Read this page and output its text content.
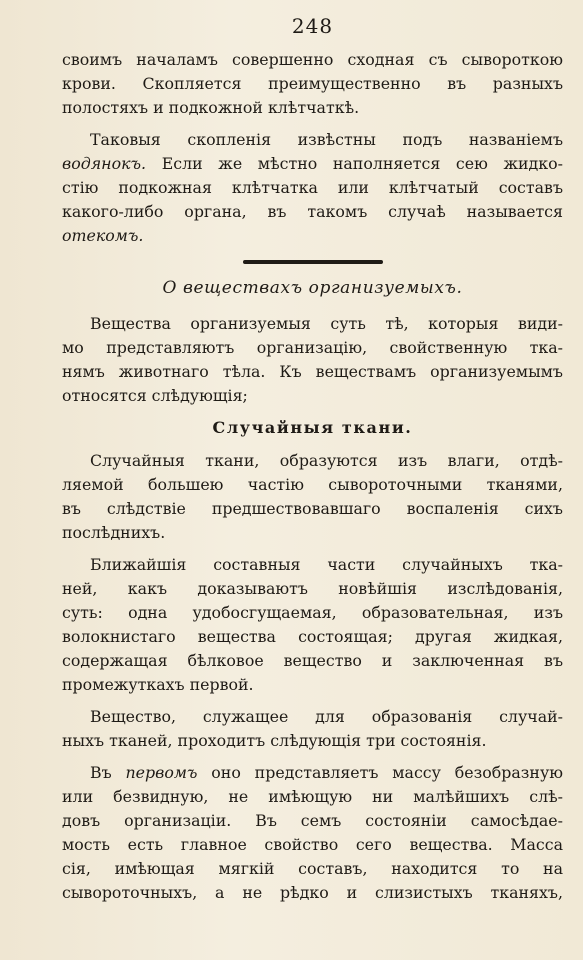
248
своимъ началамъ совершенно сходная съ сывороткою
крови. Скопляется преимущественно въ разныхъ
полостяхъ и подкожной клѣтчаткѣ.
Таковыя скопленія извѣстны подъ названіемъ
водянокъ. Если же мѣстно наполняется сею жидко-
стію подкожная клѣтчатка или клѣтчатый составъ
какого-либо органа, въ такомъ случаѣ называется
отекомъ.
О веществахъ организуемыхъ.
Вещества организуемыя суть тѣ, которыя види-
мо представляютъ организацію, свойственную тка-
нямъ животнаго тѣла. Къ веществамъ организуемымъ
относятся слѣдующія;
Случайныя ткани.
Случайныя ткани, образуются изъ влаги, отдѣ-
ляемой большею частію сывороточными тканями,
въ слѣдствіе предшествовавшаго воспаленія сихъ
послѣднихъ.
Ближайшія составныя части случайныхъ тка-
ней, какъ доказываютъ новѣйшія изслѣдованія,
суть: одна удобосгущаемая, образовательная, изъ
волокнистаго вещества состоящая; другая жидкая,
содержащая бѣлковое вещество и заключенная въ
промежуткахъ первой.
Вещество, служащее для образованія случай-
ныхъ тканей, проходитъ слѣдующія три состоянія.
Въ первомъ оно представляетъ массу безобразную
или безвидную, не имѣющую ни малѣйшихъ слѣ-
довъ организаціи. Въ семъ состояніи самосѣдае-
мость есть главное свойство сего вещества. Масса
сія, имѣющая мягкій составъ, находится то на
сывороточныхъ, а не рѣдко и слизистыхъ тканяхъ,
